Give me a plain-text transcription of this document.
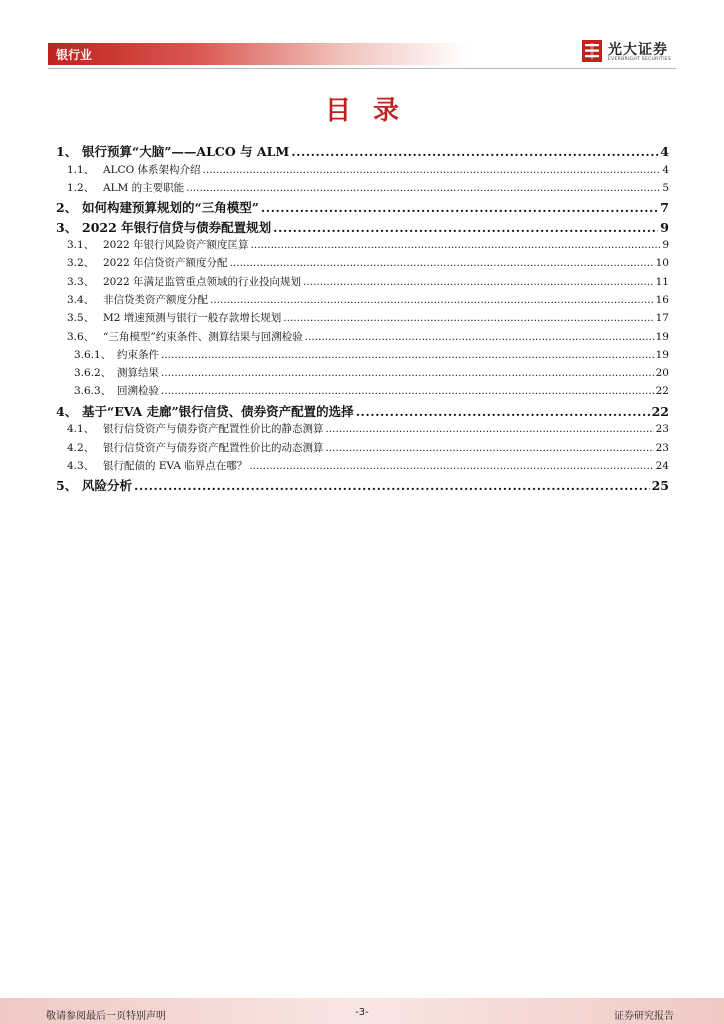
银行业	光大证券
EVERBRIGHT SECURITIES
目录
1、 银行预算“大脑”——ALCO 与 ALM .....	4
1.1、 ALCO 体系架构介绍 .....	4
1.2、 ALM 的主要职能 .....	5
2、 如何构建预算规划的“三角模型” .....	7
3、 2022 年银行信贷与债券配置规划 .....	9
3.1、 2022 年银行风险资产额度匡算 .....	9
3.2、 2022 年信贷资产额度分配 .....	10
3.3、 2022 年满足监管重点领域的行业投向规划 .....	11
3.4、 非信贷类资产额度分配 .....	16
3.5、 M2 增速预测与银行一般存款增长规划 .....	17
3.6、 “三角模型”约束条件、测算结果与回溯检验 .....	19
3.6.1、 约束条件 .....	19
3.6.2、 测算结果 .....	20
3.6.3、 回溯检验 .....	22
4、 基于“EVA 走廊”银行信贷、债券资产配置的选择 .....	22
4.1、 银行信贷资产与债券资产配置性价比的静态测算 .....	23
4.2、 银行信贷资产与债券资产配置性价比的动态测算 .....	23
4.3、 银行配债的 EVA 临界点在哪？ .....	24
5、 风险分析 .....	25
敬请参阅最后一页特别声明	-3-	证券研究报告
